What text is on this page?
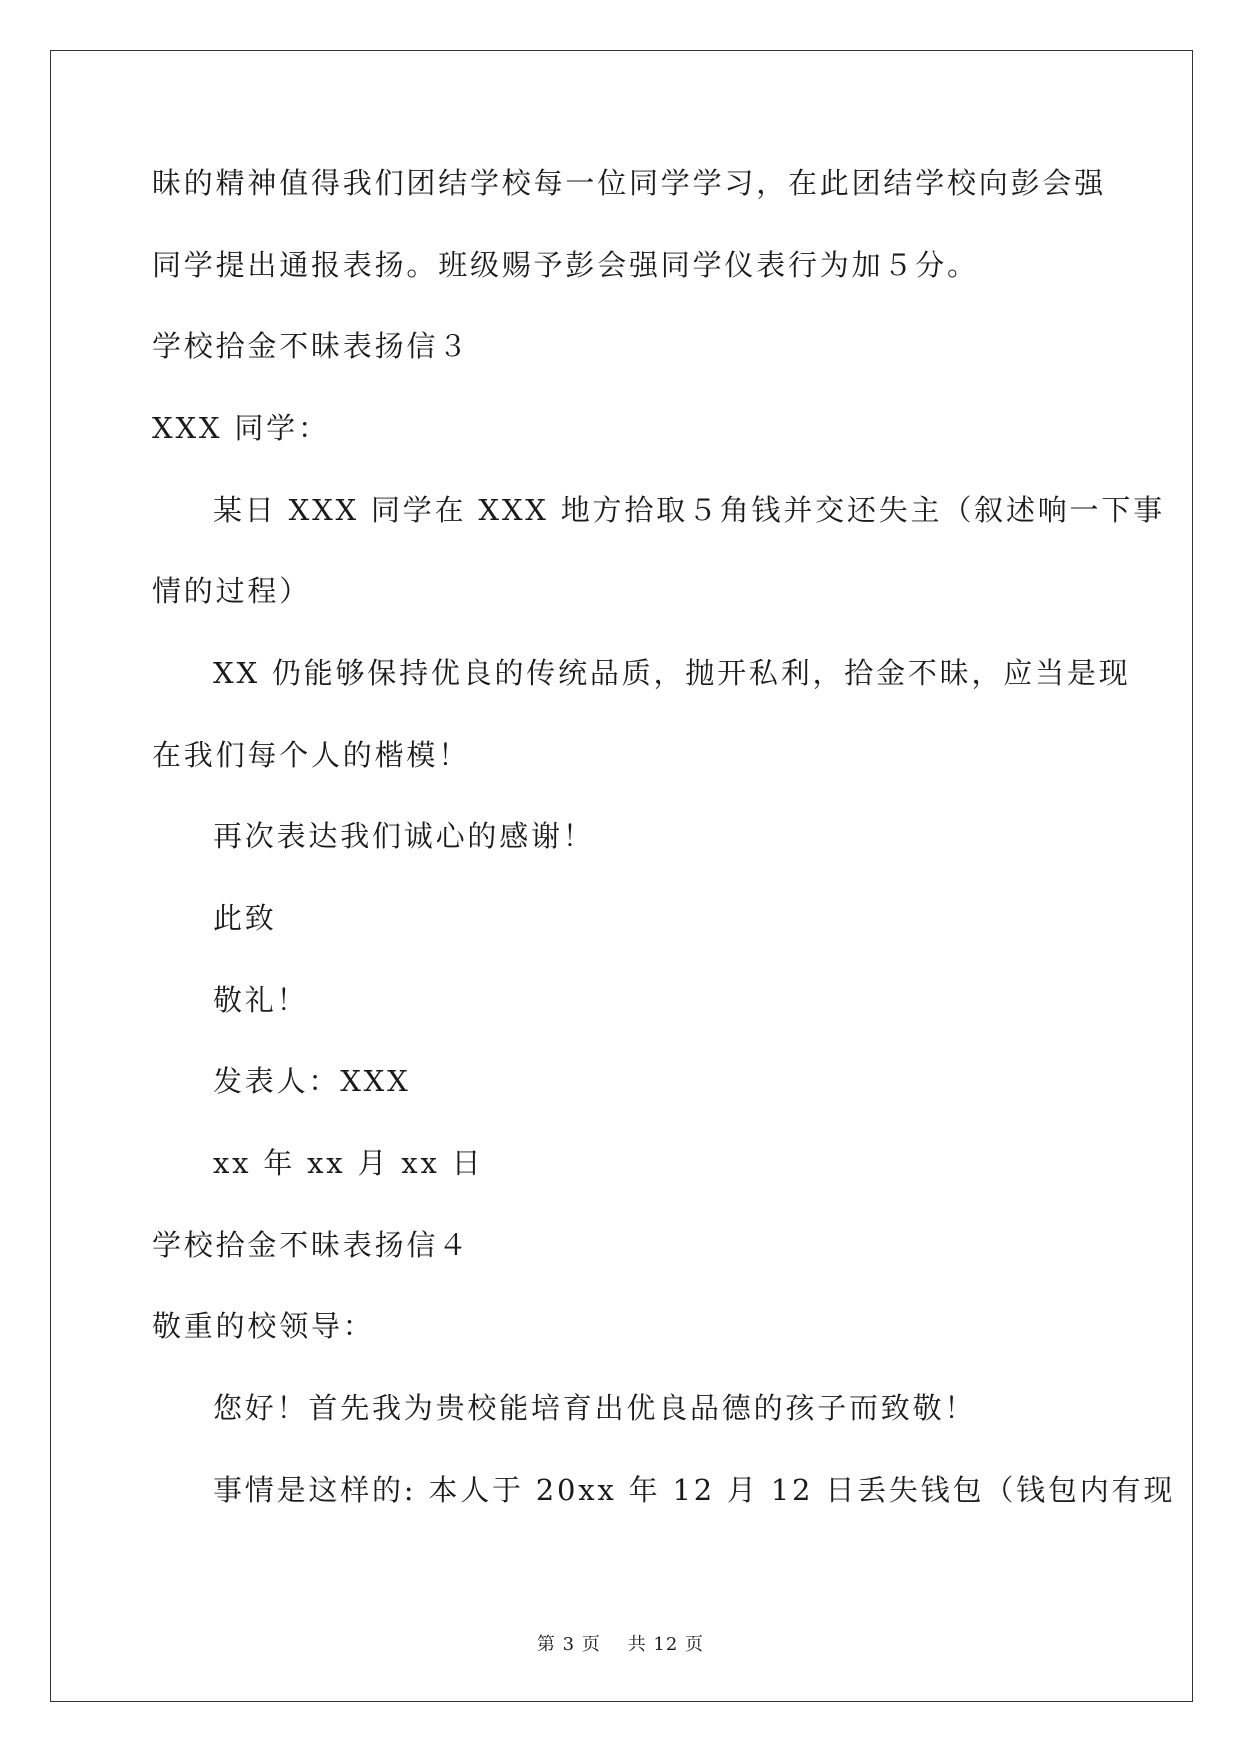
昧的精神值得我们团结学校每一位同学学习，在此团结学校向彭会强
同学提出通报表扬。班级赐予彭会强同学仪表行为加５分。
学校拾金不昧表扬信３
XXX 同学：
某日 XXX 同学在 XXX 地方拾取５角钱并交还失主（叙述响一下事
情的过程）
XX 仍能够保持优良的传统品质，抛开私利，拾金不昧，应当是现
在我们每个人的楷模！
再次表达我们诚心的感谢！
此致
敬礼！
发表人：XXX
xx 年 xx 月 xx 日
学校拾金不昧表扬信４
敬重的校领导：
您好！首先我为贵校能培育出优良品德的孩子而致敬！
事情是这样的: 本人于 20xx 年 12 月 12 日丢失钱包（钱包内有现
第 3 页    共 12 页
